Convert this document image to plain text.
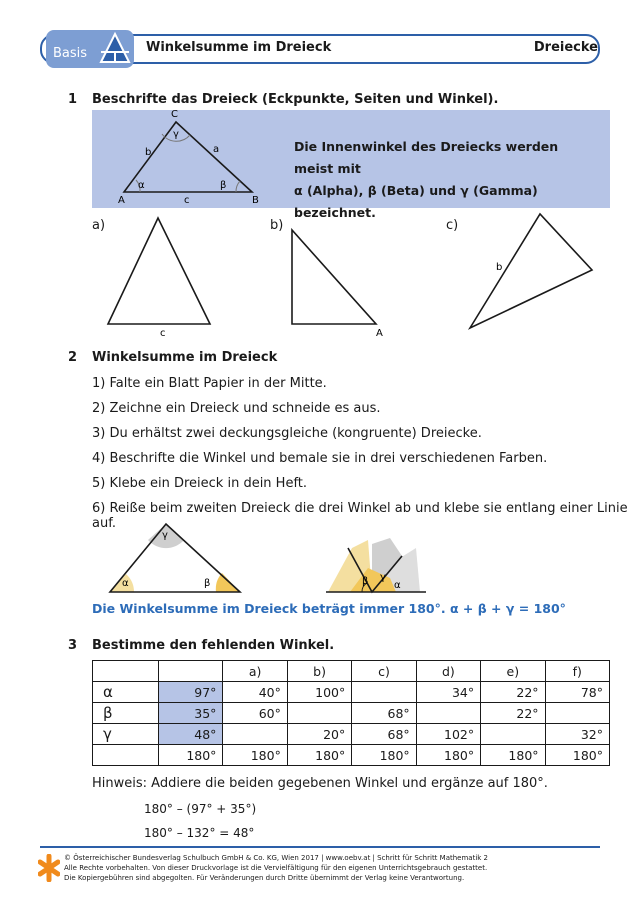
Basis	Winkelsumme im Dreieck	Dreiecke
1 Beschrifte das Dreieck (Eckpunkte, Seiten und Winkel).
C
γ
b	a
α	β
A	c	B
Die Innenwinkel des Dreiecks werden meist mit
α (Alpha), β (Beta) und γ (Gamma) bezeichnet.
a)	b)	c)
c	A
b
2 Winkelsumme im Dreieck
1) Falte ein Blatt Papier in der Mitte.
2) Zeichne ein Dreieck und schneide es aus.
3) Du erhältst zwei deckungsgleiche (kongruente) Dreiecke.
4) Beschrifte die Winkel und bemale sie in drei verschiedenen Farben.
5) Klebe ein Dreieck in dein Heft.
6) Reiße beim zweiten Dreieck die drei Winkel ab und klebe sie entlang einer Linie auf.
α	β
γ
β γ
α
Die Winkelsumme im Dreieck beträgt immer 180°. α + β + γ = 180°
3 Bestimme den fehlenden Winkel.
		a)	b)	c)	d)	e)	f)
α	97°	40°	100°		34°	22°	78°
β	35°	60°		68°		22°	
γ	48°		20°	68°	102°		32°
	180°	180°	180°	180°	180°	180°	180°
Hinweis: Addiere die beiden gegebenen Winkel und ergänze auf 180°.
180° – (97° + 35°)
180° – 132° = 48°
© Österreichischer Bundesverlag Schulbuch GmbH & Co. KG, Wien 2017 | www.oebv.at | Schritt für Schritt Mathematik 2
Alle Rechte vorbehalten. Von dieser Druckvorlage ist die Vervielfältigung für den eigenen Unterrichtsgebrauch gestattet.
Die Kopiergebühren sind abgegolten. Für Veränderungen durch Dritte übernimmt der Verlag keine Verantwortung.
